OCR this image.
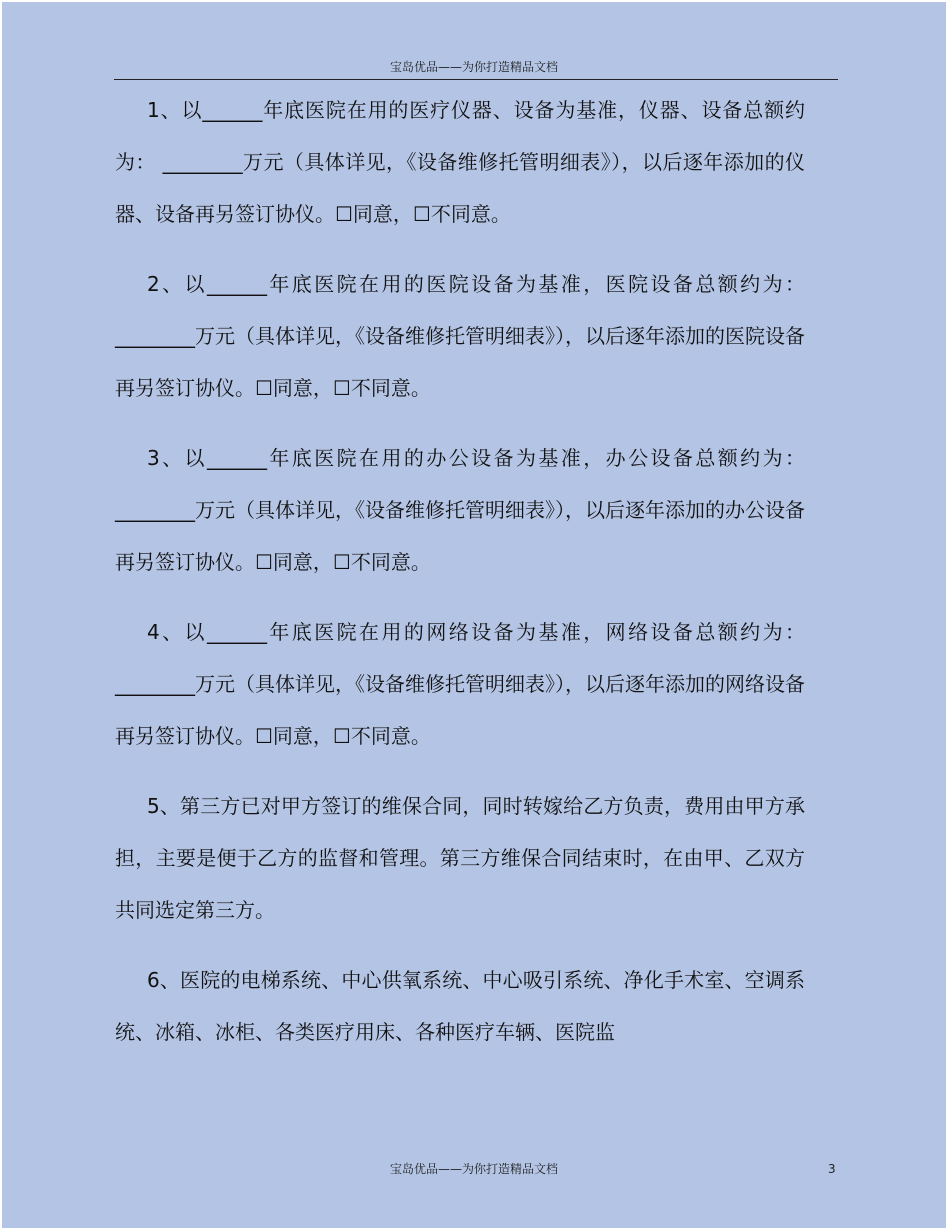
宝岛优品——为你打造精品文档

1、以______年底医院在用的医疗仪器、设备为基准，仪器、设备总额约为： ________万元（具体详见，《设备维修托管明细表》），以后逐年添加的仪器、设备再另签订协仪。☐同意，☐不同意。

2、以______年底医院在用的医院设备为基准，医院设备总额约为： ________万元（具体详见，《设备维修托管明细表》），以后逐年添加的医院设备再另签订协仪。☐同意，☐不同意。

3、以______年底医院在用的办公设备为基准，办公设备总额约为： ________万元（具体详见，《设备维修托管明细表》），以后逐年添加的办公设备再另签订协仪。☐同意，☐不同意。

4、以______年底医院在用的网络设备为基准，网络设备总额约为： ________万元（具体详见，《设备维修托管明细表》），以后逐年添加的网络设备再另签订协仪。☐同意，☐不同意。

5、第三方已对甲方签订的维保合同，同时转嫁给乙方负责，费用由甲方承担，主要是便于乙方的监督和管理。第三方维保合同结束时，在由甲、乙双方共同选定第三方。

6、医院的电梯系统、中心供氧系统、中心吸引系统、净化手术室、空调系统、冰箱、冰柜、各类医疗用床、各种医疗车辆、医院监

宝岛优品——为你打造精品文档	3
